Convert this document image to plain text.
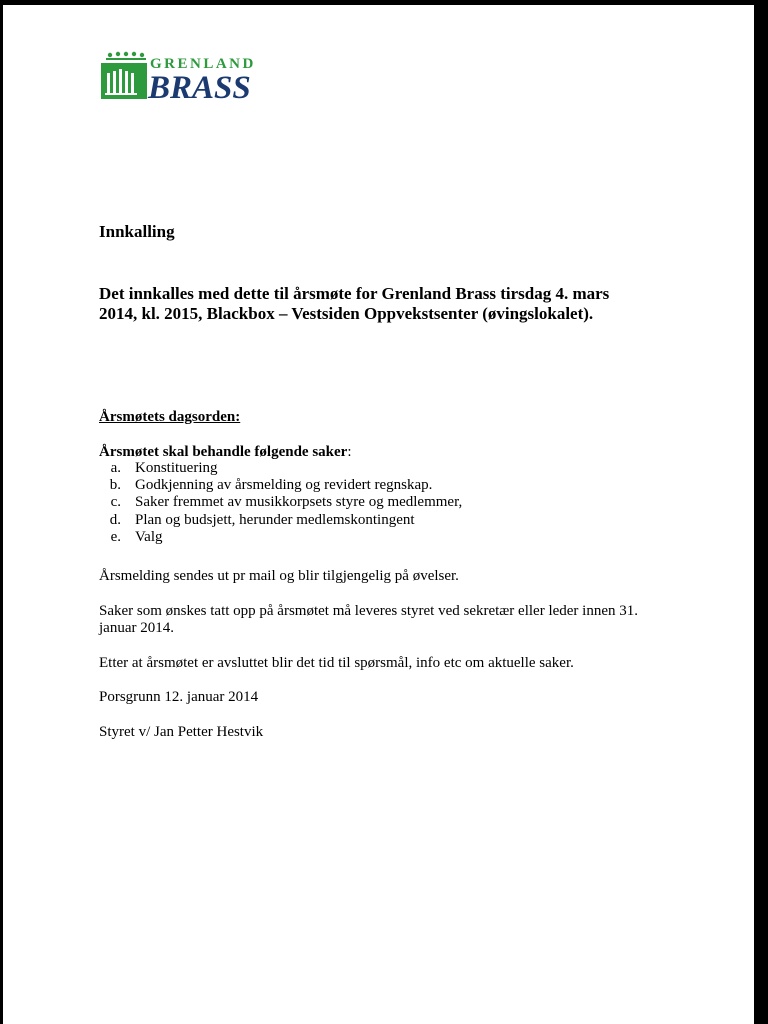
GRENLAND
BRASS
Innkalling
Det innkalles med dette til årsmøte for Grenland Brass tirsdag 4. mars
2014, kl. 2015, Blackbox – Vestsiden Oppvekstsenter (øvingslokalet).
Årsmøtets dagsorden:
Årsmøtet skal behandle følgende saker:
a. Konstituering
b. Godkjenning av årsmelding og revidert regnskap.
c. Saker fremmet av musikkorpsets styre og medlemmer,
d. Plan og budsjett, herunder medlemskontingent
e. Valg
Årsmelding sendes ut pr mail og blir tilgjengelig på øvelser.
Saker som ønskes tatt opp på årsmøtet må leveres styret ved sekretær eller leder innen 31.
januar 2014.
Etter at årsmøtet er avsluttet blir det tid til spørsmål, info etc om aktuelle saker.
Porsgrunn 12. januar 2014
Styret v/ Jan Petter Hestvik
